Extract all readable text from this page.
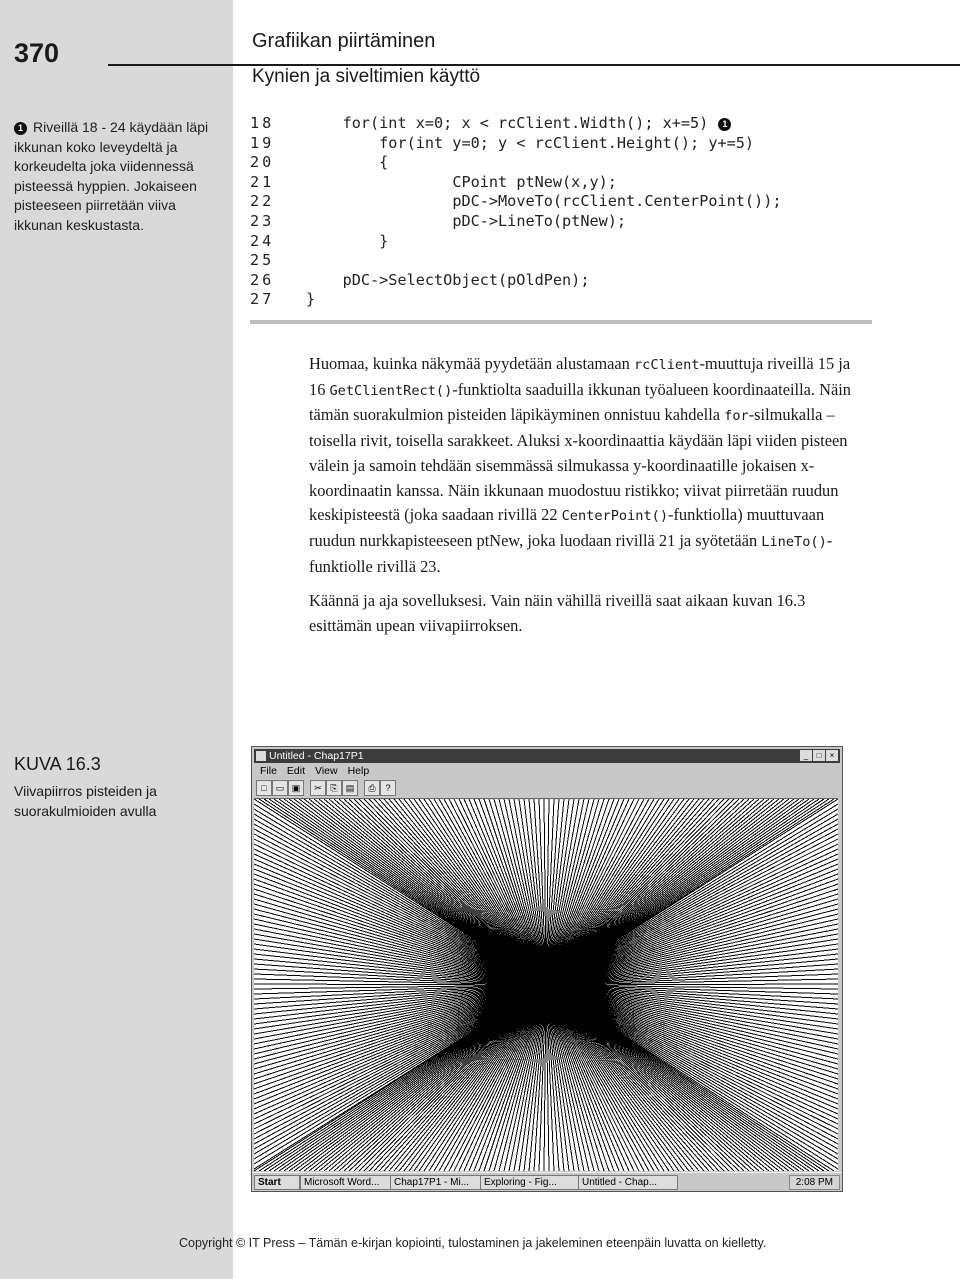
370	Grafiikan piirtäminen
Kynien ja siveltimien käyttö
1 Riveillä 18 - 24 käydään läpi ikkunan koko leveydeltä ja korkeudelta joka viidennessä pisteessä hyppien. Jokaiseen pisteeseen piirretään viiva ikkunan keskustasta.
18	for(int x=0; x < rcClient.Width(); x+=5) 1
19	for(int y=0; y < rcClient.Height(); y+=5)
20	{
21	CPoint ptNew(x,y);
22	pDC->MoveTo(rcClient.CenterPoint());
23	pDC->LineTo(ptNew);
24	}
25
26	pDC->SelectObject(pOldPen);
27 }

Huomaa, kuinka näkymää pyydetään alustamaan rcClient-muuttuja riveillä 15 ja 16 GetClientRect()-funktiolta saaduilla ikkunan työalueen koordinaateilla. Näin tämän suorakulmion pisteiden läpikäyminen onnistuu kahdella for-silmukalla – toisella rivit, toisella sarakkeet. Aluksi x-koordinaattia käydään läpi viiden pisteen välein ja samoin tehdään sisemmässä silmukassa y-koordinaatille jokaisen x-koordinaatin kanssa. Näin ikkunaan muodostuu ristikko; viivat piirretään ruudun keskipisteestä (joka saadaan rivillä 22 CenterPoint()-funktiolla) muuttuvaan ruudun nurkkapisteeseen ptNew, joka luodaan rivillä 21 ja syötetään LineTo()-funktiolle rivillä 23.

Käännä ja aja sovelluksesi. Vain näin vähillä riveillä saat aikaan kuvan 16.3 esittämän upean viivapiirroksen.

KUVA 16.3
Viivapiirros pisteiden ja suorakulmioiden avulla
Untitled - Chap17P1	_ □ ×
File Edit View Help
□	▭ ▣	✂ ⎘ ▤	⎙	?
Start	Microsoft Word...	Chap17P1 - Mi...	Exploring - Fig...	Untitled - Chap...	2:08 PM
Copyright © IT Press – Tämän e-kirjan kopiointi, tulostaminen ja jakeleminen eteenpäin luvatta on kielletty.
